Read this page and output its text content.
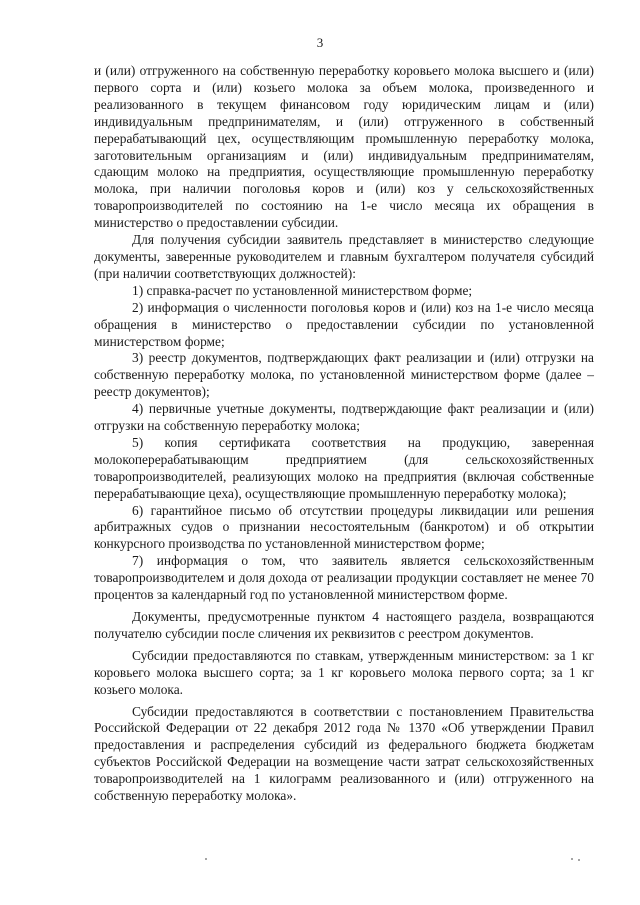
3

и (или) отгруженного на собственную переработку коровьего молока высшего и (или) первого сорта и (или) козьего молока за объем молока, произведенного и реализованного в текущем финансовом году юридическим лицам и (или) индивидуальным предпринимателям, и (или) отгруженного в собственный перерабатывающий цех, осуществляющим промышленную переработку молока, заготовительным организациям и (или) индивидуальным предпринимателям, сдающим молоко на предприятия, осуществляющие промышленную переработку молока, при наличии поголовья коров и (или) коз у сельскохозяйственных товаропроизводителей по состоянию на 1-е число месяца их обращения в министерство о предоставлении субсидии.

Для получения субсидии заявитель представляет в министерство следующие документы, заверенные руководителем и главным бухгалтером получателя субсидий (при наличии соответствующих должностей):

1) справка-расчет по установленной министерством форме;

2) информация о численности поголовья коров и (или) коз на 1-е число месяца обращения в министерство о предоставлении субсидии по установленной министерством форме;

3) реестр документов, подтверждающих факт реализации и (или) отгрузки на собственную переработку молока, по установленной министерством форме (далее – реестр документов);

4) первичные учетные документы, подтверждающие факт реализации и (или) отгрузки на собственную переработку молока;

5) копия сертификата соответствия на продукцию, заверенная молокоперерабатывающим предприятием (для сельскохозяйственных товаропроизводителей, реализующих молоко на предприятия (включая собственные перерабатывающие цеха), осуществляющие промышленную переработку молока);

6) гарантийное письмо об отсутствии процедуры ликвидации или решения арбитражных судов о признании несостоятельным (банкротом) и об открытии конкурсного производства по установленной министерством форме;

7) информация о том, что заявитель является сельскохозяйственным товаропроизводителем и доля дохода от реализации продукции составляет не менее 70 процентов за календарный год по установленной министерством форме.

Документы, предусмотренные пунктом 4 настоящего раздела, возвращаются получателю субсидии после сличения их реквизитов с реестром документов.

Субсидии предоставляются по ставкам, утвержденным министерством: за 1 кг коровьего молока высшего сорта; за 1 кг коровьего молока первого сорта; за 1 кг козьего молока.

Субсидии предоставляются в соответствии с постановлением Правительства Российской Федерации от 22 декабря 2012 года № 1370 «Об утверждении Правил предоставления и распределения субсидий из федерального бюджета бюджетам субъектов Российской Федерации на возмещение части затрат сельскохозяйственных товаропроизводителей на 1 килограмм реализованного и (или) отгруженного на собственную переработку молока».
